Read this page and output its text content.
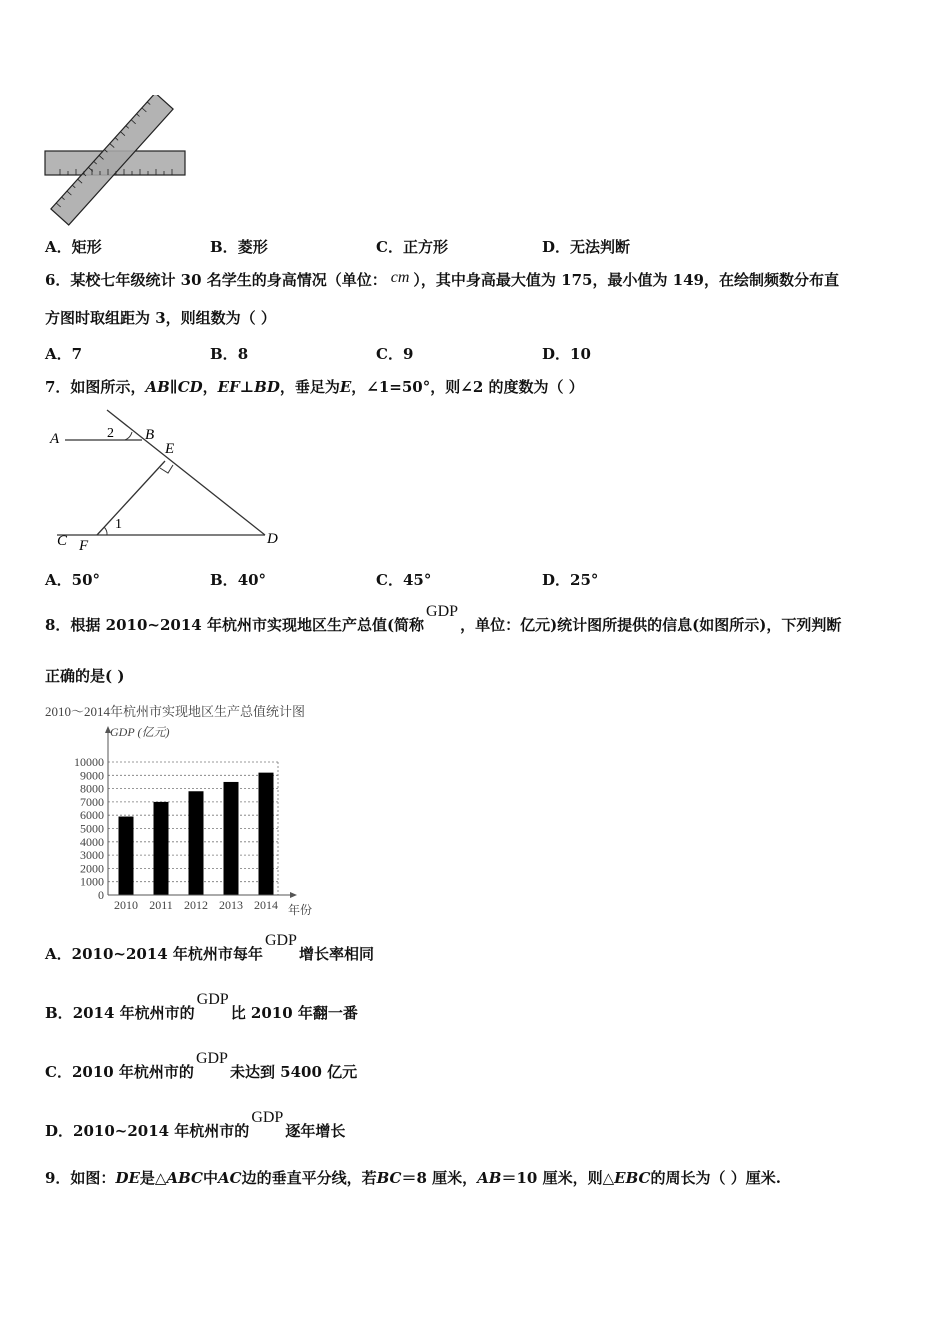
A．矩形	B．菱形	C．正方形	D．无法判断
6．某校七年级统计 30 名学生的身高情况（单位： cm ），其中身高最大值为 175，最小值为 149，在绘制频数分布直
方图时取组距为 3，则组数为（ ）
A．7	B．8	C．9	D．10
7．如图所示，AB∥CD，EF⊥BD，垂足为E，∠1=50°，则∠2 的度数为（ ）
A	B
E
C F	D
1
2
A．50°	B．40°	C．45°	D．25°
8．根据 2010~2014 年杭州市实现地区生产总值(简称GDP，单位：亿元)统计图所提供的信息(如图所示)，下列判断
正确的是( )
2010～2014年杭州市实现地区生产总值统计图
GDP (亿元)
年份
0
1000
2000
3000
4000
5000
6000
7000
8000
9000
10000
2010 2011 2012 2013 2014
A．2010~2014 年杭州市每年GDP增长率相同
B．2014 年杭州市的GDP比 2010 年翻一番
C．2010 年杭州市的GDP未达到 5400 亿元
D．2010~2014 年杭州市的GDP逐年增长
9．如图：DE是△ABC中AC边的垂直平分线，若BC＝8 厘米，AB＝10 厘米，则△EBC的周长为（ ）厘米.
